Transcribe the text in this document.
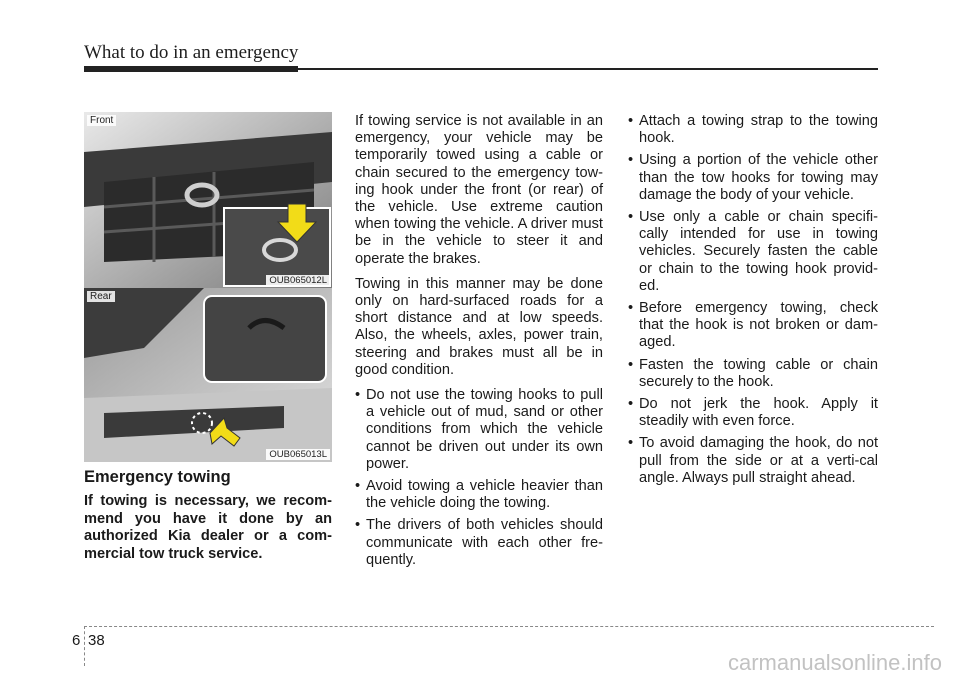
What to do in an emergency
Front
OUB065012L
Rear
OUB065013L
Emergency towing
If towing is necessary, we recom-mend you have it done by an authorized Kia dealer or a com-mercial tow truck service.

If towing service is not available in an emergency, your vehicle may be temporarily towed using a cable or chain secured to the emergency tow-ing hook under the front (or rear) of the vehicle. Use extreme caution when towing the vehicle. A driver must be in the vehicle to steer it and operate the brakes.

Towing in this manner may be done only on hard-surfaced roads for a short distance and at low speeds. Also, the wheels, axles, power train, steering and brakes must all be in good condition.

• Do not use the towing hooks to pull a vehicle out of mud, sand or other conditions from which the vehicle cannot be driven out under its own power.
• Avoid towing a vehicle heavier than the vehicle doing the towing.
• The drivers of both vehicles should communicate with each other fre-quently.
• Attach a towing strap to the towing hook.
• Using a portion of the vehicle other than the tow hooks for towing may damage the body of your vehicle.
• Use only a cable or chain specifi-cally intended for use in towing vehicles. Securely fasten the cable or chain to the towing hook provid-ed.
• Before emergency towing, check that the hook is not broken or dam-aged.
• Fasten the towing cable or chain securely to the hook.
• Do not jerk the hook. Apply it steadily with even force.
• To avoid damaging the hook, do not pull from the side or at a verti-cal angle. Always pull straight ahead.
6 38
carmanualsonline.info
